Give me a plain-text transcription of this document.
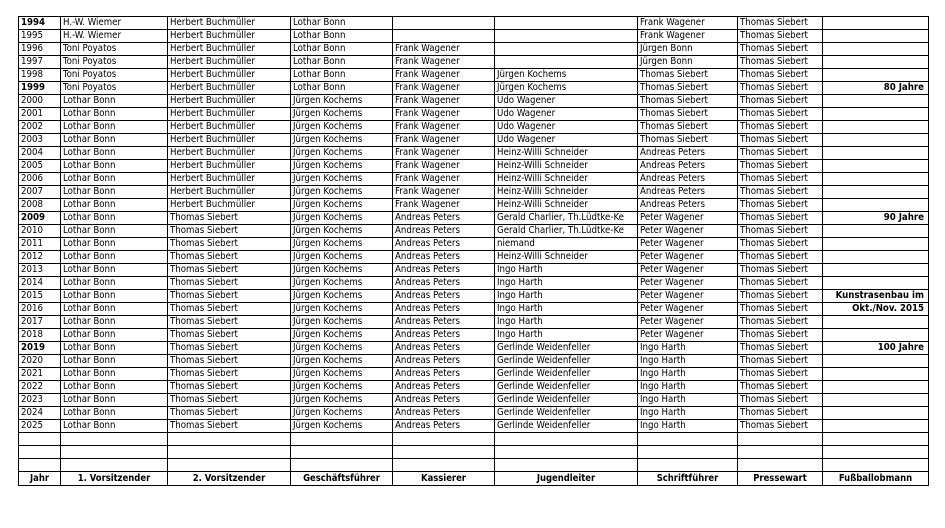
1994	H.-W. Wiemer	Herbert Buchmüller	Lothar Bonn			Frank Wagener	Thomas Siebert	
1995	H.-W. Wiemer	Herbert Buchmüller	Lothar Bonn			Frank Wagener	Thomas Siebert	
1996	Toni Poyatos	Herbert Buchmüller	Lothar Bonn	Frank Wagener		Jürgen Bonn	Thomas Siebert	
1997	Toni Poyatos	Herbert Buchmüller	Lothar Bonn	Frank Wagener		Jürgen Bonn	Thomas Siebert	
1998	Toni Poyatos	Herbert Buchmüller	Lothar Bonn	Frank Wagener	Jürgen Kochems	Thomas Siebert	Thomas Siebert	
1999	Toni Poyatos	Herbert Buchmüller	Lothar Bonn	Frank Wagener	Jürgen Kochems	Thomas Siebert	Thomas Siebert	80 Jahre
2000	Lothar Bonn	Herbert Buchmüller	Jürgen Kochems	Frank Wagener	Udo Wagener	Thomas Siebert	Thomas Siebert	
2001	Lothar Bonn	Herbert Buchmüller	Jürgen Kochems	Frank Wagener	Udo Wagener	Thomas Siebert	Thomas Siebert	
2002	Lothar Bonn	Herbert Buchmüller	Jürgen Kochems	Frank Wagener	Udo Wagener	Thomas Siebert	Thomas Siebert	
2003	Lothar Bonn	Herbert Buchmüller	Jürgen Kochems	Frank Wagener	Udo Wagener	Thomas Siebert	Thomas Siebert	
2004	Lothar Bonn	Herbert Buchmüller	Jürgen Kochems	Frank Wagener	Heinz-Willi Schneider	Andreas Peters	Thomas Siebert	
2005	Lothar Bonn	Herbert Buchmüller	Jürgen Kochems	Frank Wagener	Heinz-Willi Schneider	Andreas Peters	Thomas Siebert	
2006	Lothar Bonn	Herbert Buchmüller	Jürgen Kochems	Frank Wagener	Heinz-Willi Schneider	Andreas Peters	Thomas Siebert	
2007	Lothar Bonn	Herbert Buchmüller	Jürgen Kochems	Frank Wagener	Heinz-Willi Schneider	Andreas Peters	Thomas Siebert	
2008	Lothar Bonn	Herbert Buchmüller	Jürgen Kochems	Frank Wagener	Heinz-Willi Schneider	Andreas Peters	Thomas Siebert	
2009	Lothar Bonn	Thomas Siebert	Jürgen Kochems	Andreas Peters	Gerald Charlier, Th.Lüdtke-Ke	Peter Wagener	Thomas Siebert	90 Jahre
2010	Lothar Bonn	Thomas Siebert	Jürgen Kochems	Andreas Peters	Gerald Charlier, Th.Lüdtke-Ke	Peter Wagener	Thomas Siebert	
2011	Lothar Bonn	Thomas Siebert	Jürgen Kochems	Andreas Peters	niemand	Peter Wagener	Thomas Siebert	
2012	Lothar Bonn	Thomas Siebert	Jürgen Kochems	Andreas Peters	Heinz-Willi Schneider	Peter Wagener	Thomas Siebert	
2013	Lothar Bonn	Thomas Siebert	Jürgen Kochems	Andreas Peters	Ingo Harth	Peter Wagener	Thomas Siebert	
2014	Lothar Bonn	Thomas Siebert	Jürgen Kochems	Andreas Peters	Ingo Harth	Peter Wagener	Thomas Siebert	
2015	Lothar Bonn	Thomas Siebert	Jürgen Kochems	Andreas Peters	Ingo Harth	Peter Wagener	Thomas Siebert	Kunstrasenbau im
2016	Lothar Bonn	Thomas Siebert	Jürgen Kochems	Andreas Peters	Ingo Harth	Peter Wagener	Thomas Siebert	Okt./Nov. 2015
2017	Lothar Bonn	Thomas Siebert	Jürgen Kochems	Andreas Peters	Ingo Harth	Peter Wagener	Thomas Siebert	
2018	Lothar Bonn	Thomas Siebert	Jürgen Kochems	Andreas Peters	Ingo Harth	Peter Wagener	Thomas Siebert	
2019	Lothar Bonn	Thomas Siebert	Jürgen Kochems	Andreas Peters	Gerlinde Weidenfeller	Ingo Harth	Thomas Siebert	100 Jahre
2020	Lothar Bonn	Thomas Siebert	Jürgen Kochems	Andreas Peters	Gerlinde Weidenfeller	Ingo Harth	Thomas Siebert	
2021	Lothar Bonn	Thomas Siebert	Jürgen Kochems	Andreas Peters	Gerlinde Weidenfeller	Ingo Harth	Thomas Siebert	
2022	Lothar Bonn	Thomas Siebert	Jürgen Kochems	Andreas Peters	Gerlinde Weidenfeller	Ingo Harth	Thomas Siebert	
2023	Lothar Bonn	Thomas Siebert	Jürgen Kochems	Andreas Peters	Gerlinde Weidenfeller	Ingo Harth	Thomas Siebert	
2024	Lothar Bonn	Thomas Siebert	Jürgen Kochems	Andreas Peters	Gerlinde Weidenfeller	Ingo Harth	Thomas Siebert	
2025	Lothar Bonn	Thomas Siebert	Jürgen Kochems	Andreas Peters	Gerlinde Weidenfeller	Ingo Harth	Thomas Siebert	

Jahr	1. Vorsitzender	2. Vorsitzender	Geschäftsführer	Kassierer	Jugendleiter	Schriftführer	Pressewart	Fußballobmann
